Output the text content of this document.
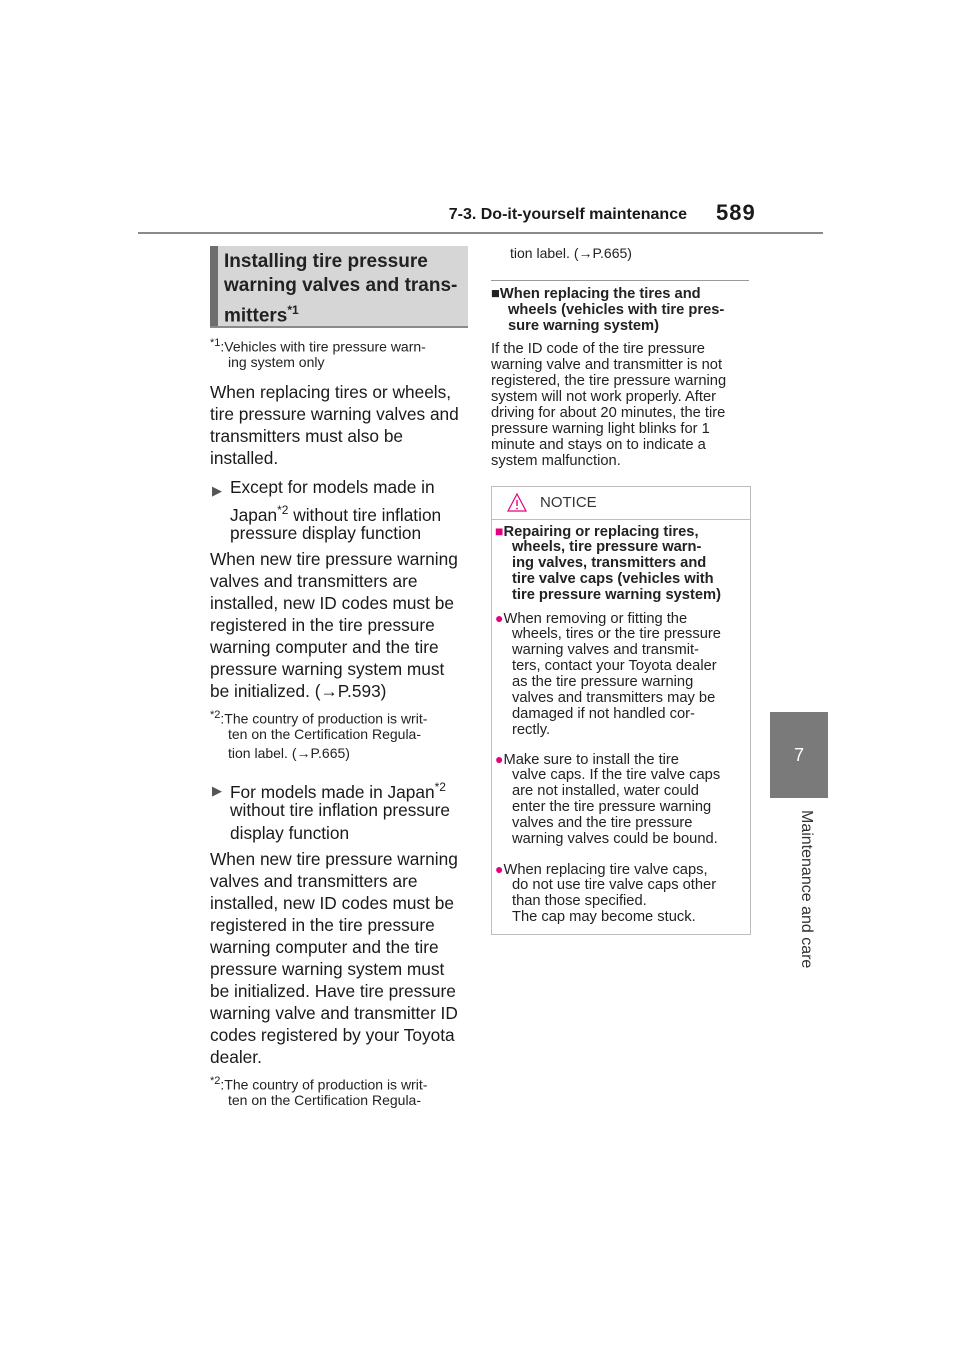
7-3. Do-it-yourself maintenance 589
7
Maintenance and care
Installing tire pressure warning valves and trans-mitters$^{*1}$
$^{*1}$:Vehicles with tire pressure warn-
ing system only
When replacing tires or wheels,
tire pressure warning valves and
transmitters must also be
installed.
▶ Except for models made in
Japan$^{*2}$ without tire inflation
pressure display function
When new tire pressure warning
valves and transmitters are
installed, new ID codes must be
registered in the tire pressure
warning computer and the tire
pressure warning system must
be initialized. (→P.593)
$^{*2}$:The country of production is writ-
ten on the Certification Regula-
tion label. (→P.665)
▶ For models made in Japan$^{*2}$
without tire inflation pressure
display function
When new tire pressure warning
valves and transmitters are
installed, new ID codes must be
registered in the tire pressure
warning computer and the tire
pressure warning system must
be initialized. Have tire pressure
warning valve and transmitter ID
codes registered by your Toyota
dealer.
$^{*2}$:The country of production is writ-
ten on the Certification Regula-
tion label. (→P.665)
■When replacing the tires and
wheels (vehicles with tire pres-
sure warning system)
If the ID code of the tire pressure
warning valve and transmitter is not
registered, the tire pressure warning
system will not work properly. After
driving for about 20 minutes, the tire
pressure warning light blinks for 1
minute and stays on to indicate a
system malfunction.
NOTICE
■Repairing or replacing tires,
wheels, tire pressure warn-
ing valves, transmitters and
tire valve caps (vehicles with
tire pressure warning system)
●When removing or fitting the
wheels, tires or the tire pressure
warning valves and transmit-
ters, contact your Toyota dealer
as the tire pressure warning
valves and transmitters may be
damaged if not handled cor-
rectly.
●Make sure to install the tire
valve caps. If the tire valve caps
are not installed, water could
enter the tire pressure warning
valves and the tire pressure
warning valves could be bound.
●When replacing tire valve caps,
do not use tire valve caps other
than those specified.
The cap may become stuck.
